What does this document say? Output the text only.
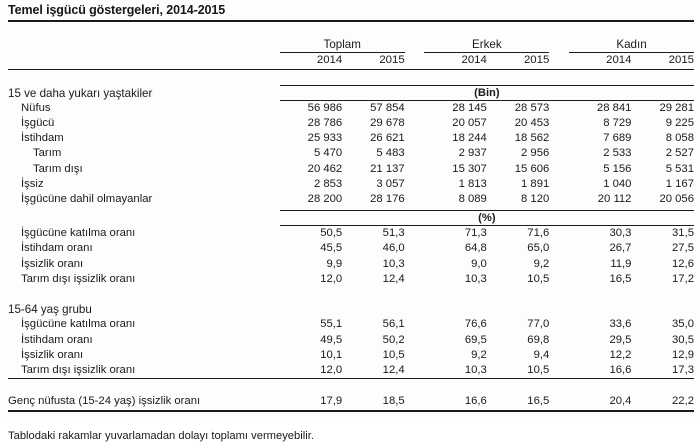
Temel işgücü göstergeleri, 2014-2015

	Toplam			Erkek			Kadın	
	2014	2015		2014	2015		2014	2015

15 ve daha yukarı yaştakiler	(Bin)							

Nüfus	56 986	57 854		28 145	28 573		28 841	29 281
İşgücü	28 786	29 678		20 057	20 453		8 729	9 225
İstihdam	25 933	26 621		18 244	18 562		7 689	8 058
Tarım	5 470	5 483		2 937	2 956		2 533	2 527
Tarım dışı	20 462	21 137		15 307	15 606		5 156	5 531
İşsiz	2 853	3 057		1 813	1 891		1 040	1 167
İşgücüne dahil olmayanlar	28 200	28 176		8 089	8 120		20 112	20 056

	(%)							

İşgücüne katılma oranı	50,5	51,3		71,3	71,6		30,3	31,5
İstihdam oranı	45,5	46,0		64,8	65,0		26,7	27,5
İşsizlik oranı	9,9	10,3		9,0	9,2		11,9	12,6
Tarım dışı işsizlik oranı	12,0	12,4		10,3	10,5		16,5	17,2

15-64 yaş grubu								
İşgücüne katılma oranı	55,1	56,1		76,6	77,0		33,6	35,0
İstihdam oranı	49,5	50,2		69,5	69,8		29,5	30,5
İşsizlik oranı	10,1	10,5		9,2	9,4		12,2	12,9
Tarım dışı işsizlik oranı	12,0	12,4		10,3	10,5		16,6	17,3

Genç nüfusta (15-24 yaş) işsizlik oranı	17,9	18,5		16,6	16,5		20,4	22,2

Tablodaki rakamlar yuvarlamadan dolayı toplamı vermeyebilir.
